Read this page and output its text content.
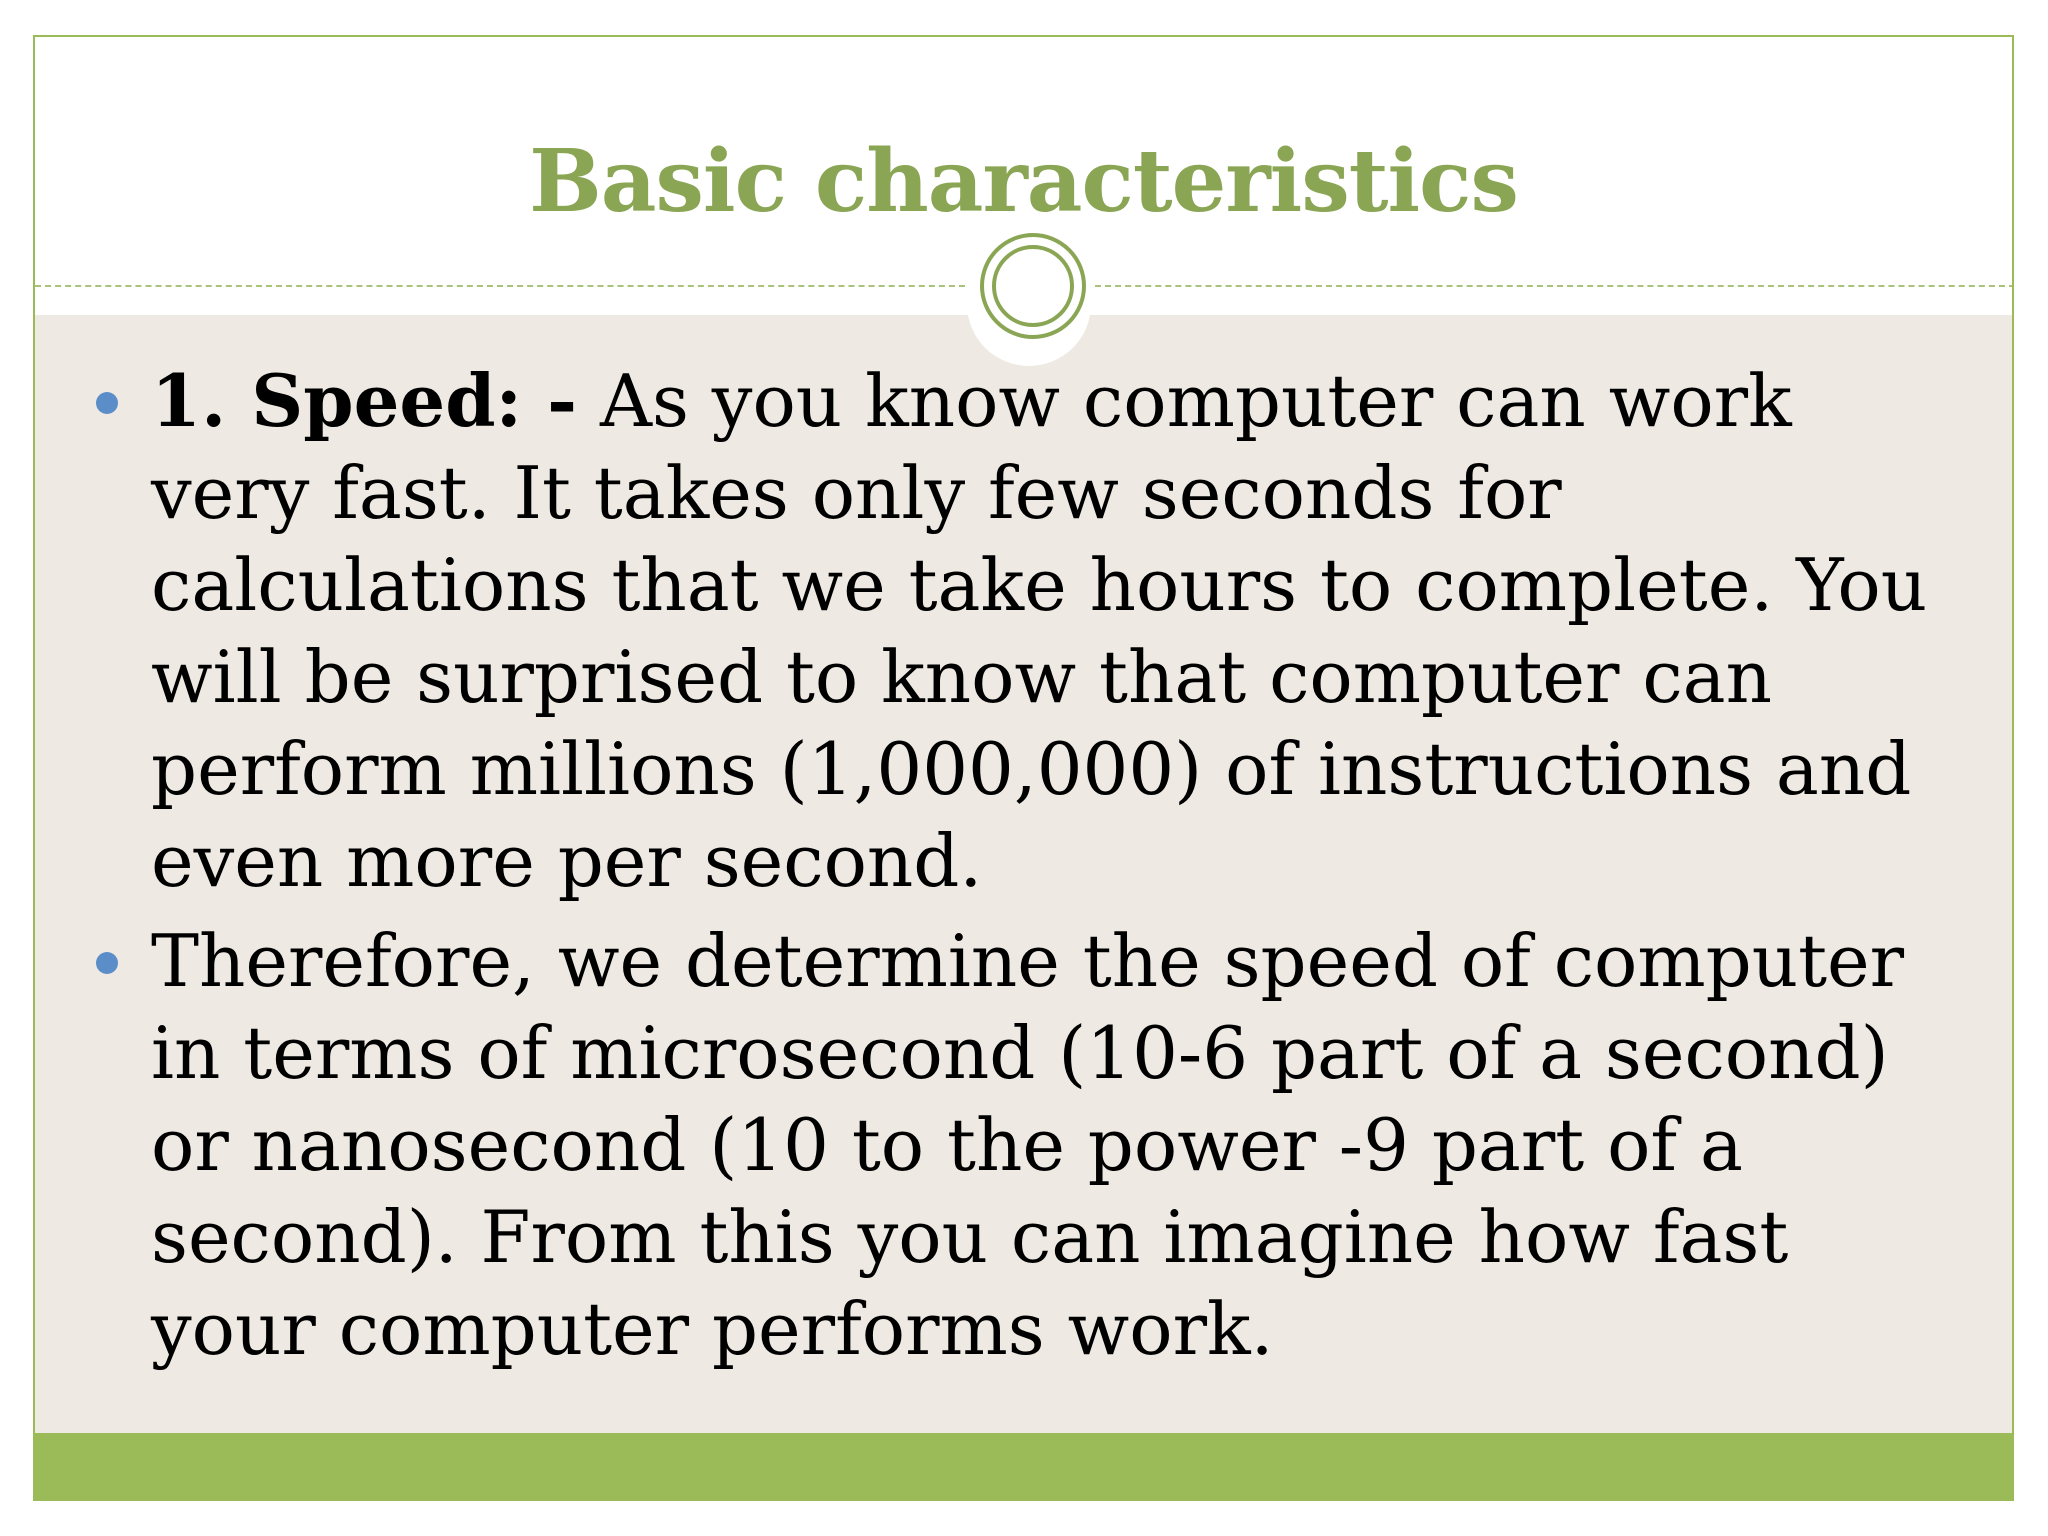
Basic characteristics
1. Speed: - As you know computer can work very fast. It takes only few seconds for calculations that we take hours to complete. You will be surprised to know that computer can perform millions (1,000,000) of instructions and even more per second.
Therefore, we determine the speed of computer in terms of microsecond (10-6 part of a second) or nanosecond (10 to the power -9 part of a second). From this you can imagine how fast your computer performs work.
